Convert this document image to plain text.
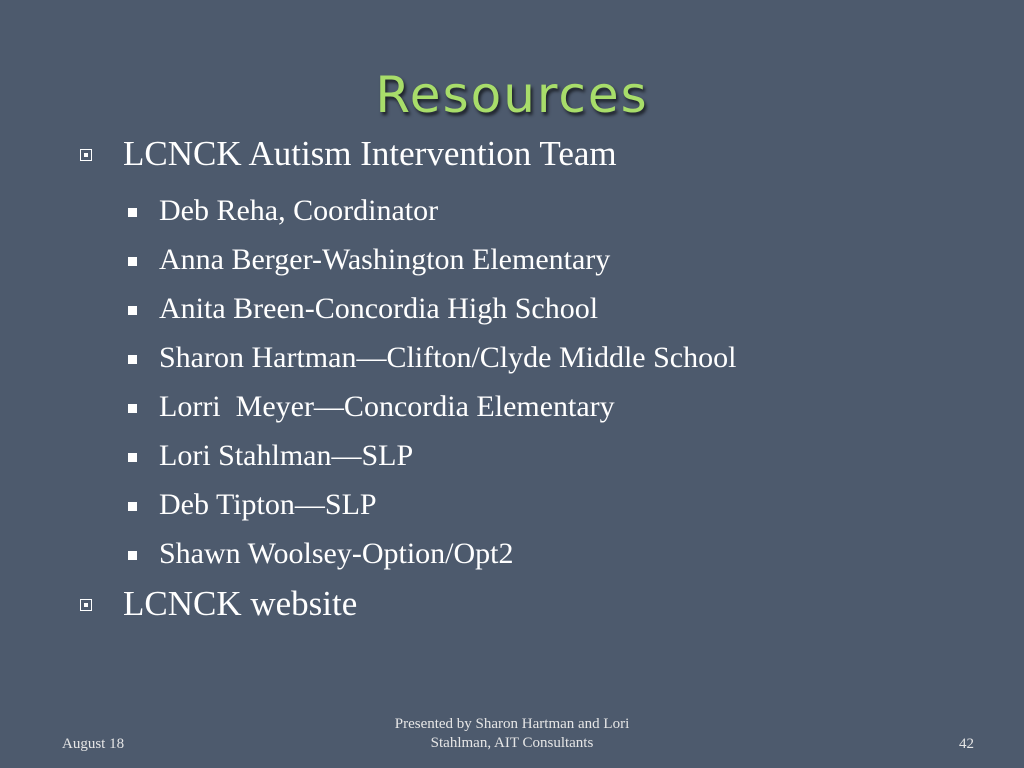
Resources
LCNCK Autism Intervention Team
Deb Reha, Coordinator
Anna Berger-Washington Elementary
Anita Breen-Concordia High School
Sharon Hartman—Clifton/Clyde Middle School
Lorri  Meyer—Concordia Elementary
Lori Stahlman—SLP
Deb Tipton—SLP
Shawn Woolsey-Option/Opt2
LCNCK website
August 18
Presented by Sharon Hartman and Lori
Stahlman, AIT Consultants	42
